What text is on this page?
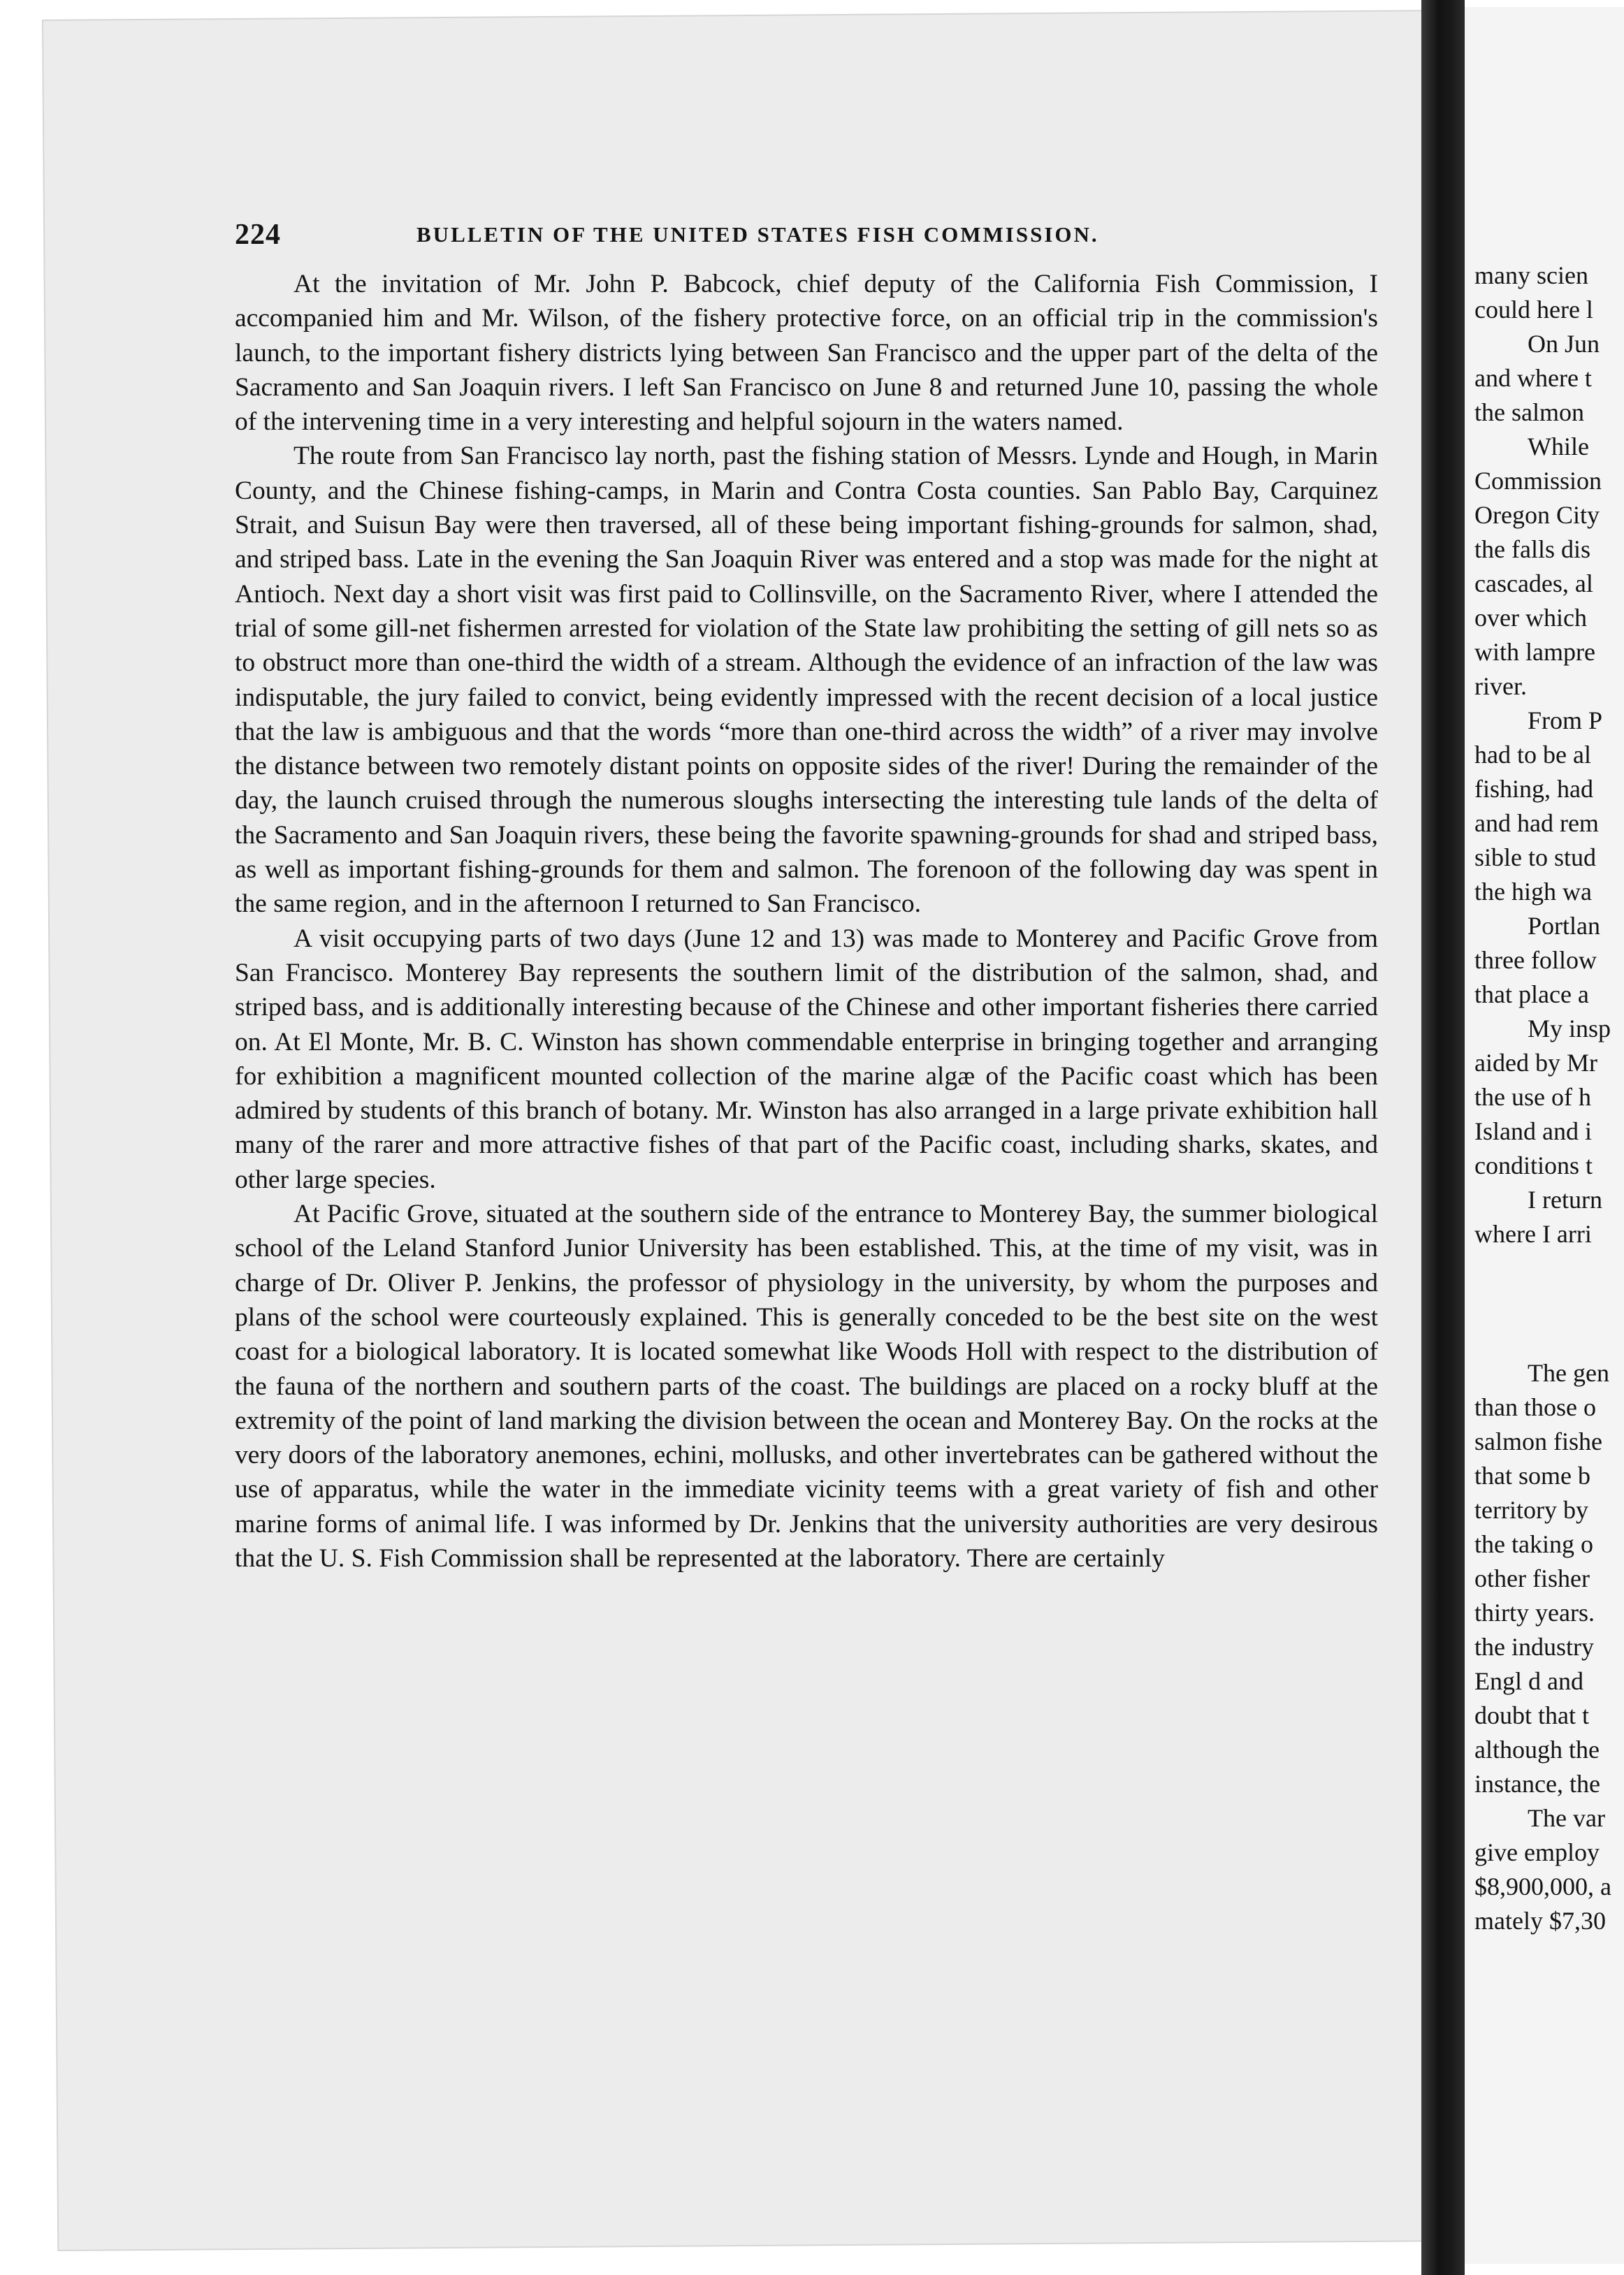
many scien
could here l
On Jun
and where t
the salmon
While
Commission
Oregon City
the falls dis
cascades, al
over which
with lampre
river.
From P
had to be al
fishing, had
and had rem
sible to stud
the high wa
Portlan
three follow
that place a
My insp
aided by Mr
the use of h
Island and i
conditions t
I return
where I arri
The gen
than those o
salmon fishe
that some b
territory by
the taking o
other fisher
thirty years.
the industry
Engl d and
doubt that t
although the
instance, the
The var
give employ
$8,900,000, a
mately $7,30
224	BULLETIN OF THE UNITED STATES FISH COMMISSION.

At the invitation of Mr. John P. Babcock, chief deputy of the California Fish Commission, I accompanied him and Mr. Wilson, of the fishery protective force, on an official trip in the commission's launch, to the important fishery districts lying between San Francisco and the upper part of the delta of the Sacramento and San Joaquin rivers. I left San Francisco on June 8 and returned June 10, passing the whole of the intervening time in a very interesting and helpful sojourn in the waters named.

The route from San Francisco lay north, past the fishing station of Messrs. Lynde and Hough, in Marin County, and the Chinese fishing-camps, in Marin and Contra Costa counties. San Pablo Bay, Carquinez Strait, and Suisun Bay were then traversed, all of these being important fishing-grounds for salmon, shad, and striped bass. Late in the evening the San Joaquin River was entered and a stop was made for the night at Antioch. Next day a short visit was first paid to Collinsville, on the Sacramento River, where I attended the trial of some gill-net fishermen arrested for violation of the State law prohibiting the setting of gill nets so as to obstruct more than one-third the width of a stream. Although the evidence of an infraction of the law was indisputable, the jury failed to convict, being evidently impressed with the recent decision of a local justice that the law is ambiguous and that the words “more than one-third across the width” of a river may involve the distance between two remotely distant points on opposite sides of the river! During the remainder of the day, the launch cruised through the numerous sloughs intersecting the interesting tule lands of the delta of the Sacramento and San Joaquin rivers, these being the favorite spawning-grounds for shad and striped bass, as well as important fishing-grounds for them and salmon. The forenoon of the following day was spent in the same region, and in the afternoon I returned to San Francisco.

A visit occupying parts of two days (June 12 and 13) was made to Monterey and Pacific Grove from San Francisco. Monterey Bay represents the southern limit of the distribution of the salmon, shad, and striped bass, and is additionally interesting because of the Chinese and other important fisheries there carried on. At El Monte, Mr. B. C. Winston has shown commendable enterprise in bringing together and arranging for exhibition a magnificent mounted collection of the marine algæ of the Pacific coast which has been admired by students of this branch of botany. Mr. Winston has also arranged in a large private exhibition hall many of the rarer and more attractive fishes of that part of the Pacific coast, including sharks, skates, and other large species.

At Pacific Grove, situated at the southern side of the entrance to Monterey Bay, the summer biological school of the Leland Stanford Junior University has been established. This, at the time of my visit, was in charge of Dr. Oliver P. Jenkins, the professor of physiology in the university, by whom the purposes and plans of the school were courteously explained. This is generally conceded to be the best site on the west coast for a biological laboratory. It is located somewhat like Woods Holl with respect to the distribution of the fauna of the northern and southern parts of the coast. The buildings are placed on a rocky bluff at the extremity of the point of land marking the division between the ocean and Monterey Bay. On the rocks at the very doors of the laboratory anemones, echini, mollusks, and other invertebrates can be gathered without the use of apparatus, while the water in the immediate vicinity teems with a great variety of fish and other marine forms of animal life. I was informed by Dr. Jenkins that the university authorities are very desirous that the U. S. Fish Commission shall be represented at the laboratory. There are certainly
